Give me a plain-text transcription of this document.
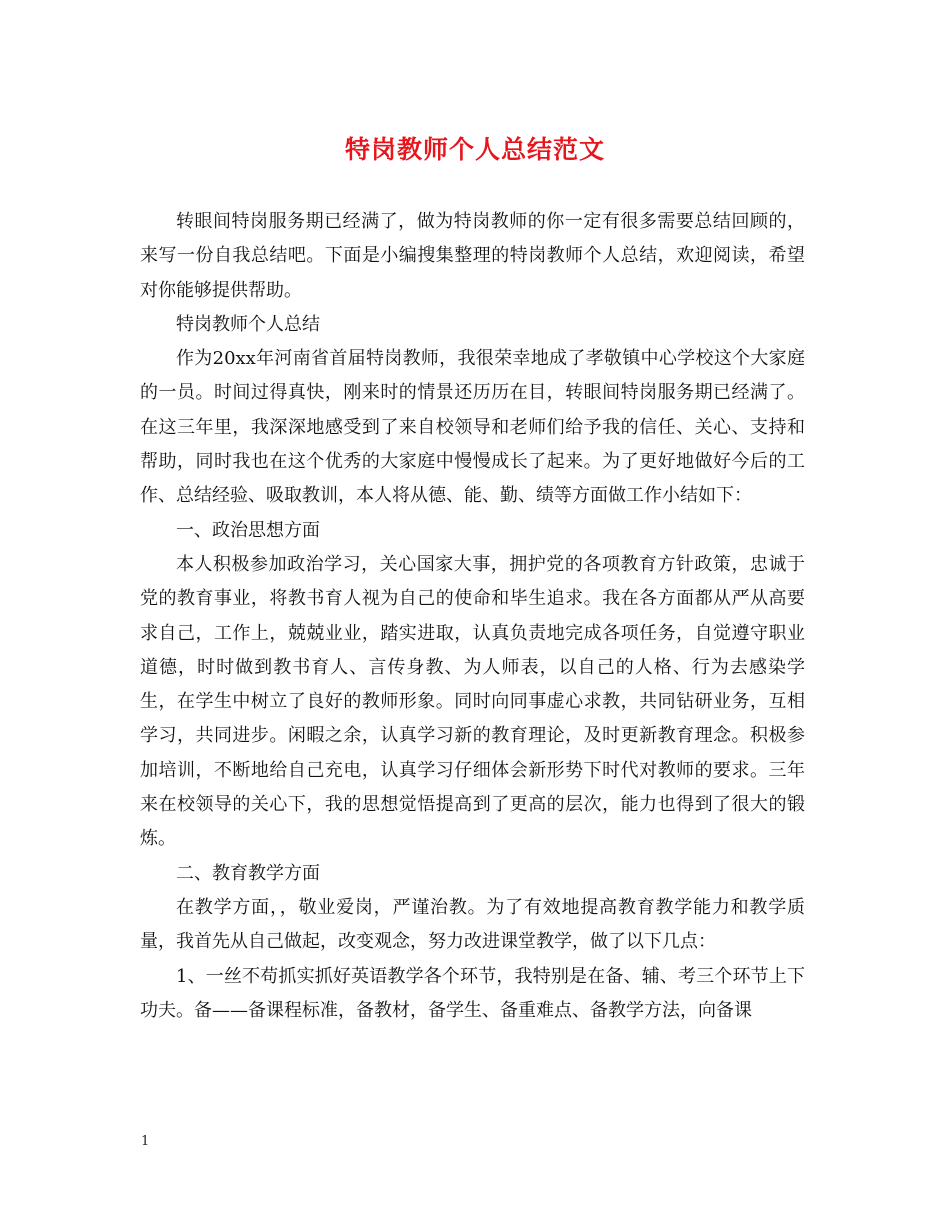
特岗教师个人总结范文

转眼间特岗服务期已经满了，做为特岗教师的你一定有很多需要总结回顾的，来写一份自我总结吧。下面是小编搜集整理的特岗教师个人总结，欢迎阅读，希望对你能够提供帮助。

特岗教师个人总结

作为20xx年河南省首届特岗教师，我很荣幸地成了孝敬镇中心学校这个大家庭的一员。时间过得真快，刚来时的情景还历历在目，转眼间特岗服务期已经满了。在这三年里，我深深地感受到了来自校领导和老师们给予我的信任、关心、支持和帮助，同时我也在这个优秀的大家庭中慢慢成长了起来。为了更好地做好今后的工作、总结经验、吸取教训，本人将从德、能、勤、绩等方面做工作小结如下：

一、政治思想方面

本人积极参加政治学习，关心国家大事，拥护党的各项教育方针政策，忠诚于党的教育事业，将教书育人视为自己的使命和毕生追求。我在各方面都从严从高要求自己，工作上，兢兢业业，踏实进取，认真负责地完成各项任务，自觉遵守职业道德，时时做到教书育人、言传身教、为人师表，以自己的人格、行为去感染学生，在学生中树立了良好的教师形象。同时向同事虚心求教，共同钻研业务，互相学习，共同进步。闲暇之余，认真学习新的教育理论，及时更新教育理念。积极参加培训，不断地给自己充电，认真学习仔细体会新形势下时代对教师的要求。三年来在校领导的关心下，我的思想觉悟提高到了更高的层次，能力也得到了很大的锻炼。

二、教育教学方面

在教学方面，，敬业爱岗，严谨治教。为了有效地提高教育教学能力和教学质量，我首先从自己做起，改变观念，努力改进课堂教学，做了以下几点：

1、一丝不苟抓实抓好英语教学各个环节，我特别是在备、辅、考三个环节上下功夫。备——备课程标准，备教材，备学生、备重难点、备教学方法，向备课

1
